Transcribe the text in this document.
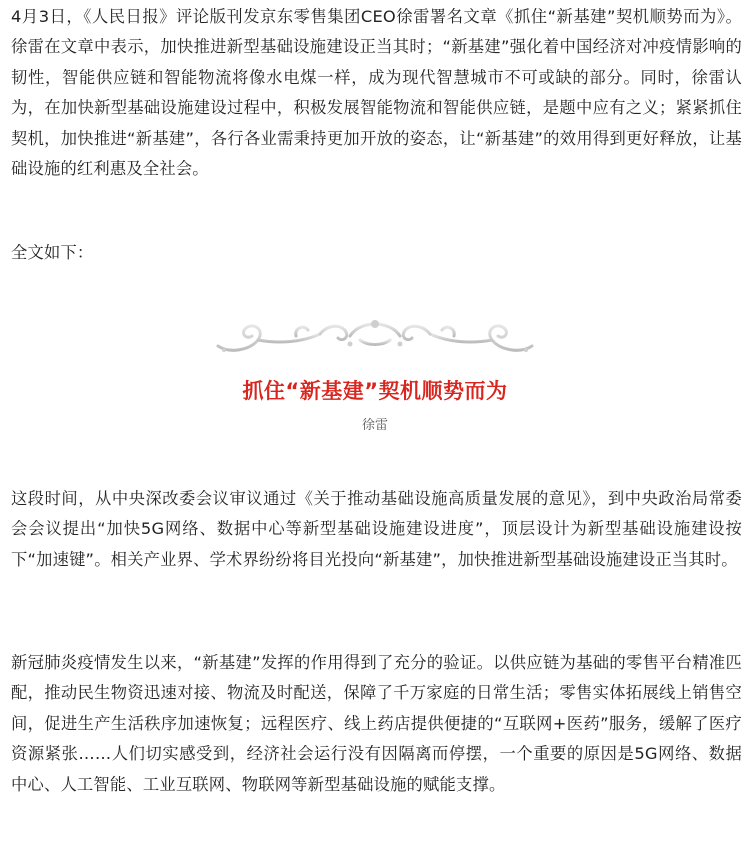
4月3日，《人民日报》评论版刊发京东零售集团CEO徐雷署名文章《抓住“新基建”契机顺势而为》。徐雷在文章中表示，加快推进新型基础设施建设正当其时；“新基建”强化着中国经济对冲疫情影响的韧性，智能供应链和智能物流将像水电煤一样，成为现代智慧城市不可或缺的部分。同时，徐雷认为，在加快新型基础设施建设过程中，积极发展智能物流和智能供应链，是题中应有之义；紧紧抓住契机，加快推进“新基建”，各行各业需秉持更加开放的姿态，让“新基建”的效用得到更好释放，让基础设施的红利惠及全社会。

全文如下：

这段时间，从中央深改委会议审议通过《关于推动基础设施高质量发展的意见》，到中央政治局常委会会议提出“加快5G网络、数据中心等新型基础设施建设进度”，顶层设计为新型基础设施建设按下“加速键”。相关产业界、学术界纷纷将目光投向“新基建”，加快推进新型基础设施建设正当其时。

新冠肺炎疫情发生以来，“新基建”发挥的作用得到了充分的验证。以供应链为基础的零售平台精准匹配，推动民生物资迅速对接、物流及时配送，保障了千万家庭的日常生活；零售实体拓展线上销售空间，促进生产生活秩序加速恢复；远程医疗、线上药店提供便捷的“互联网+医药”服务，缓解了医疗资源紧张……人们切实感受到，经济社会运行没有因隔离而停摆，一个重要的原因是5G网络、数据中心、人工智能、工业互联网、物联网等新型基础设施的赋能支撑。

抓住“新基建”契机顺势而为

徐雷
